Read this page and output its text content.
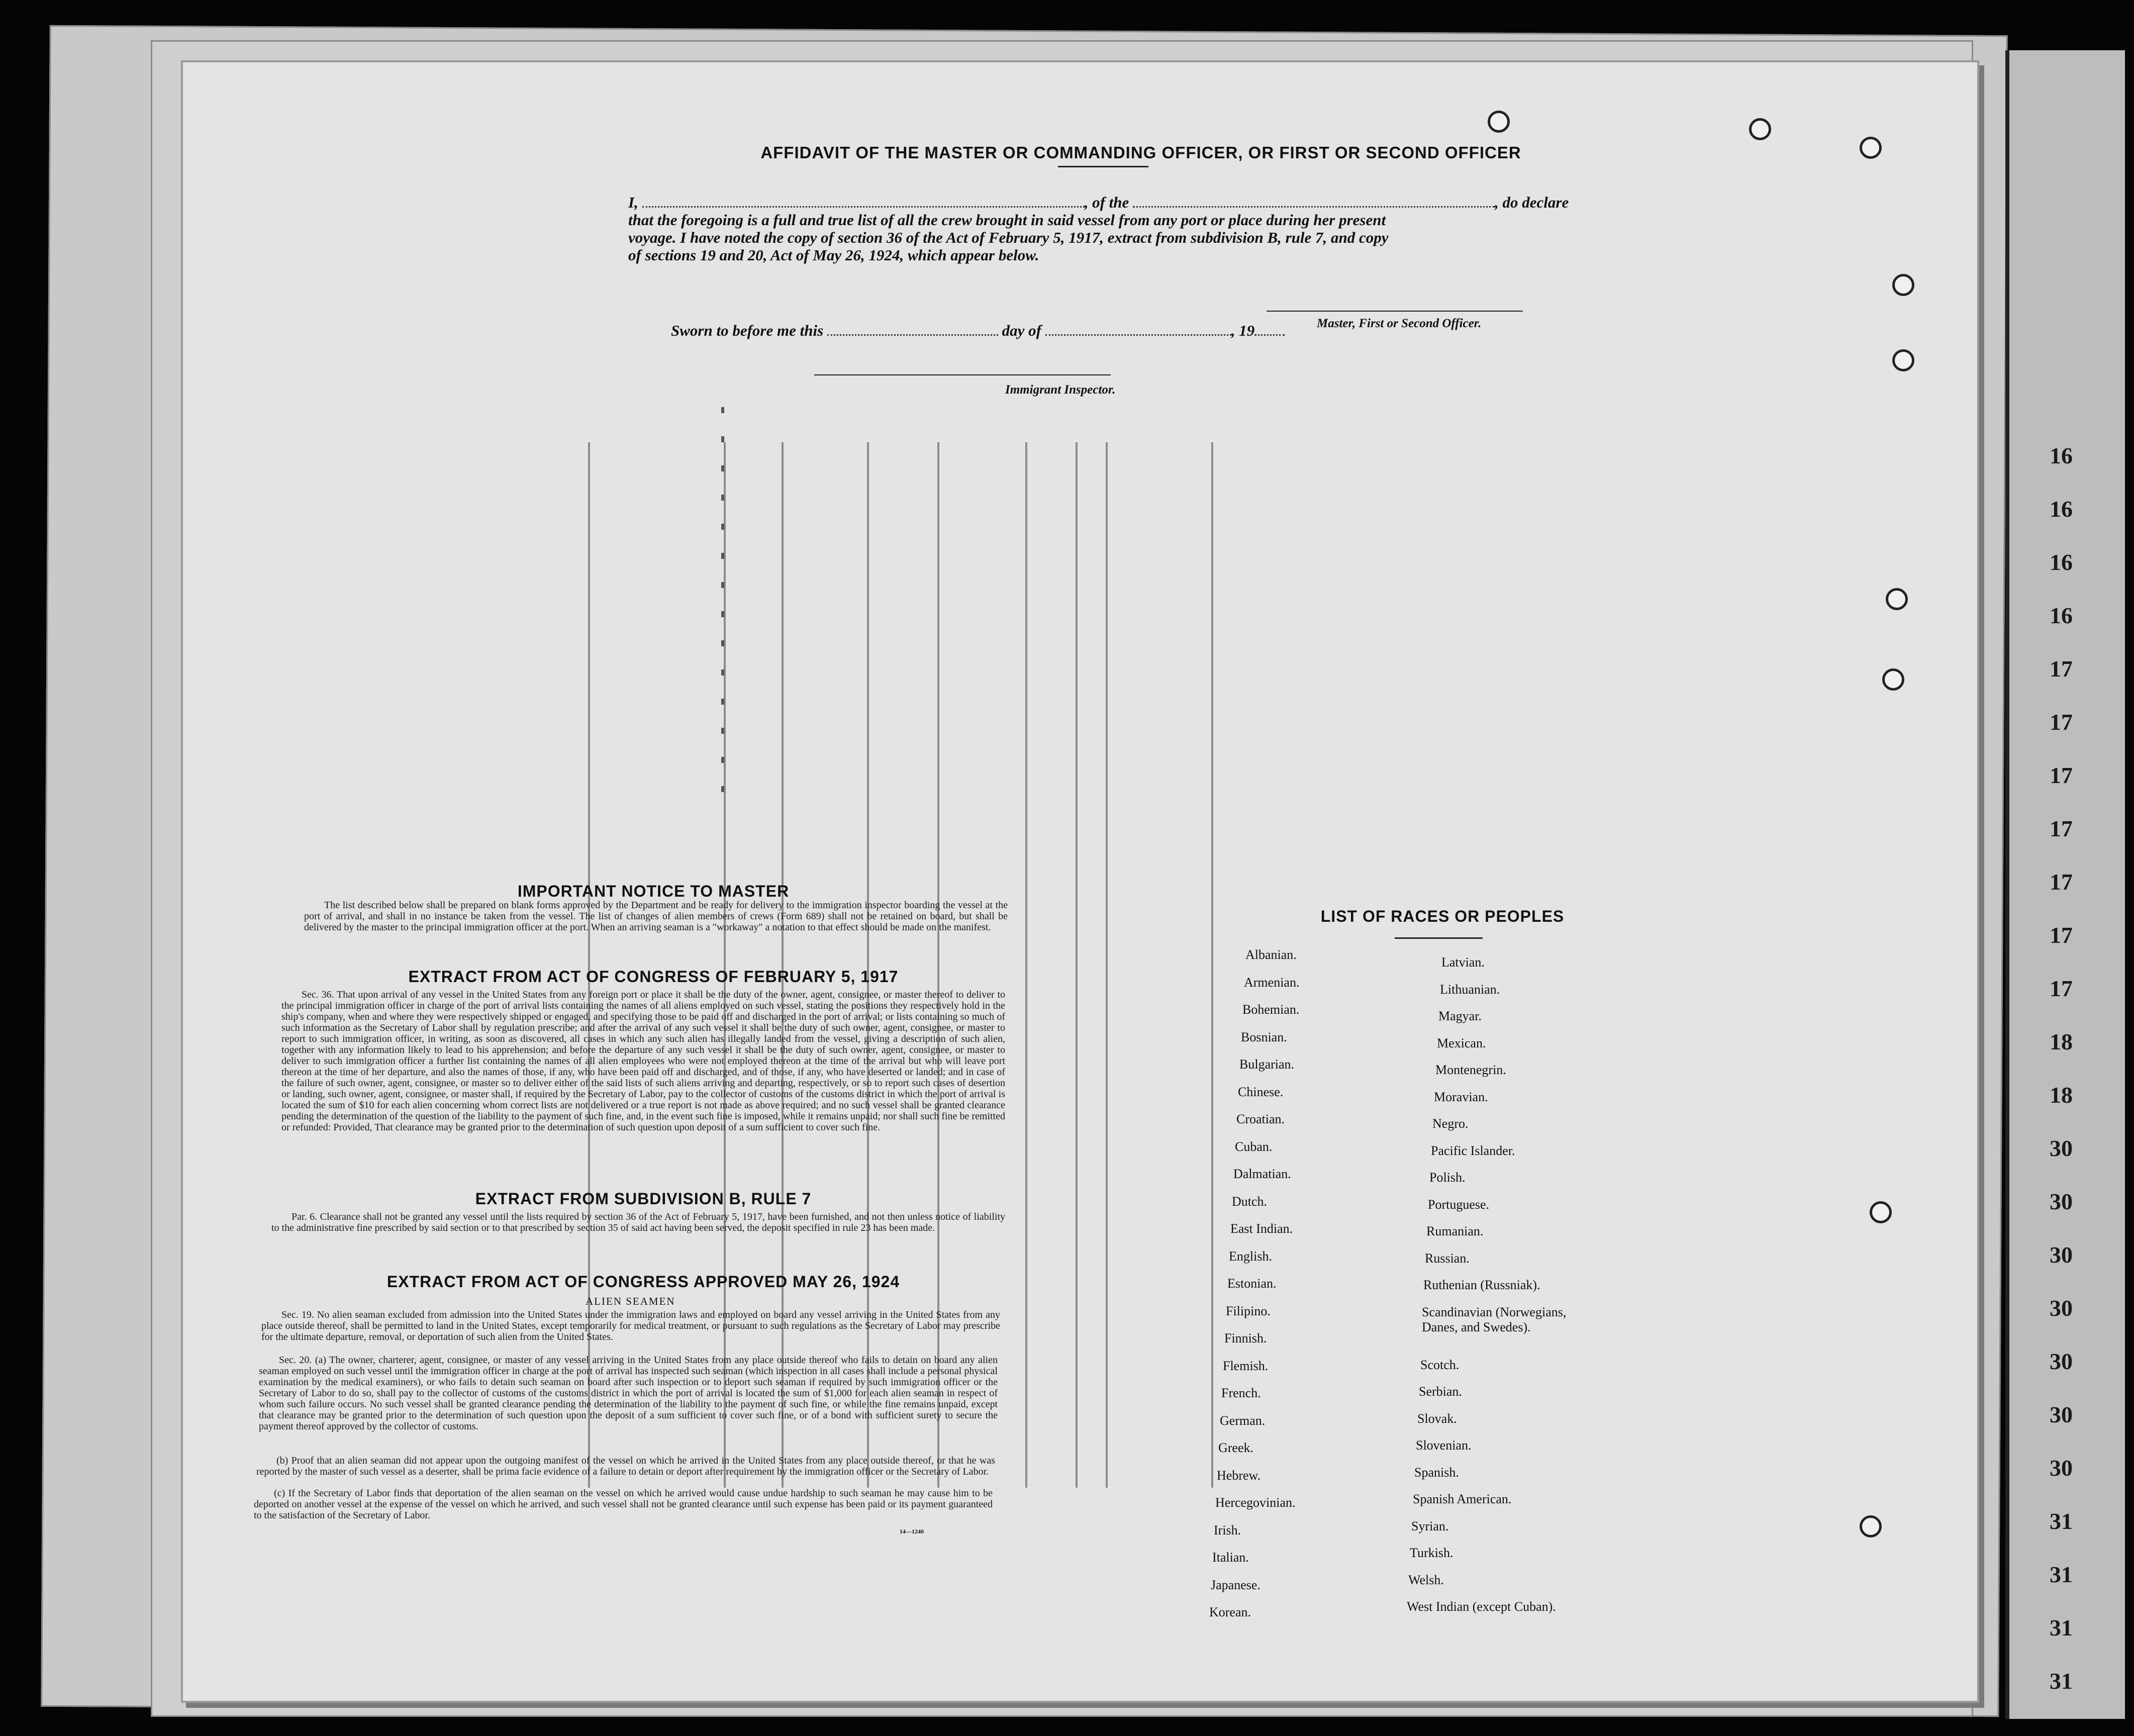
16
16
16
16
17
17
17
17
17
17
17
18
18
30
30
30
30
30
30
30
31
31
31
31

AFFIDAVIT OF THE MASTER OR COMMANDING OFFICER, OR FIRST OR SECOND OFFICER
I,	, of the	, do declare
that the foregoing is a full and true list of all the crew brought in said vessel from any port or place during her present
voyage. I have noted the copy of section 36 of the Act of February 5, 1917, extract from subdivision B, rule 7, and copy
of sections 19 and 20, Act of May 26, 1924, which appear below.
Master, First or Second Officer.
Sworn to before me this	day of	, 19
Immigrant Inspector.
IMPORTANT NOTICE TO MASTER
The list described below shall be prepared on blank forms approved by the Department and be ready for delivery to the immigration inspector boarding the vessel at the port of arrival, and shall in no instance be taken from the vessel. The list of changes of alien members of crews (Form 689) shall not be retained on board, but shall be delivered by the master to the principal immigration officer at the port. When an arriving seaman is a "workaway" a notation to that effect should be made on the manifest.
EXTRACT FROM ACT OF CONGRESS OF FEBRUARY 5, 1917
Sec. 36. That upon arrival of any vessel in the United States from any foreign port or place it shall be the duty of the owner, agent, consignee, or master thereof to deliver to the principal immigration officer in charge of the port of arrival lists containing the names of all aliens employed on such vessel, stating the positions they respectively hold in the ship's company, when and where they were respectively shipped or engaged, and specifying those to be paid off and discharged in the port of arrival; or lists containing so much of such information as the Secretary of Labor shall by regulation prescribe; and after the arrival of any such vessel it shall be the duty of such owner, agent, consignee, or master to report to such immigration officer, in writing, as soon as discovered, all cases in which any such alien has illegally landed from the vessel, giving a description of such alien, together with any information likely to lead to his apprehension; and before the departure of any such vessel it shall be the duty of such owner, agent, consignee, or master to deliver to such immigration officer a further list containing the names of all alien employees who were not employed thereon at the time of the arrival but who will leave port thereon at the time of her departure, and also the names of those, if any, who have been paid off and discharged, and of those, if any, who have deserted or landed; and in case of the failure of such owner, agent, consignee, or master so to deliver either of the said lists of such aliens arriving and departing, respectively, or so to report such cases of desertion or landing, such owner, agent, consignee, or master shall, if required by the Secretary of Labor, pay to the collector of customs of the customs district in which the port of arrival is located the sum of $10 for each alien concerning whom correct lists are not delivered or a true report is not made as above required; and no such vessel shall be granted clearance pending the determination of the question of the liability to the payment of such fine, and, in the event such fine is imposed, while it remains unpaid; nor shall such fine be remitted or refunded: Provided, That clearance may be granted prior to the determination of such question upon deposit of a sum sufficient to cover such fine.
EXTRACT FROM SUBDIVISION B, RULE 7
Par. 6. Clearance shall not be granted any vessel until the lists required by section 36 of the Act of February 5, 1917, have been furnished, and not then unless notice of liability to the administrative fine prescribed by said section or to that prescribed by section 35 of said act having been served, the deposit specified in rule 23 has been made.
EXTRACT FROM ACT OF CONGRESS APPROVED MAY 26, 1924
ALIEN SEAMEN
Sec. 19. No alien seaman excluded from admission into the United States under the immigration laws and employed on board any vessel arriving in the United States from any place outside thereof, shall be permitted to land in the United States, except temporarily for medical treatment, or pursuant to such regulations as the Secretary of Labor may prescribe for the ultimate departure, removal, or deportation of such alien from the United States.
Sec. 20. (a) The owner, charterer, agent, consignee, or master of any vessel arriving in the United States from any place outside thereof who fails to detain on board any alien seaman employed on such vessel until the immigration officer in charge at the port of arrival has inspected such seaman (which inspection in all cases shall include a personal physical examination by the medical examiners), or who fails to detain such seaman on board after such inspection or to deport such seaman if required by such immigration officer or the Secretary of Labor to do so, shall pay to the collector of customs of the customs district in which the port of arrival is located the sum of $1,000 for each alien seaman in respect of whom such failure occurs. No such vessel shall be granted clearance pending the determination of the liability to the payment of such fine, or while the fine remains unpaid, except that clearance may be granted prior to the determination of such question upon the deposit of a sum sufficient to cover such fine, or of a bond with sufficient surety to secure the payment thereof approved by the collector of customs.
(b) Proof that an alien seaman did not appear upon the outgoing manifest of the vessel on which he arrived in the United States from any place outside thereof, or that he was reported by the master of such vessel as a deserter, shall be prima facie evidence of a failure to detain or deport after requirement by the immigration officer or the Secretary of Labor.
(c) If the Secretary of Labor finds that deportation of the alien seaman on the vessel on which he arrived would cause undue hardship to such seaman he may cause him to be deported on another vessel at the expense of the vessel on which he arrived, and such vessel shall not be granted clearance until such expense has been paid or its payment guaranteed to the satisfaction of the Secretary of Labor.
14—1240
LIST OF RACES OR PEOPLES
Albanian.
Armenian.
Bohemian.
Bosnian.
Bulgarian.
Chinese.
Croatian.
Cuban.
Dalmatian.
Dutch.
East Indian.
English.
Estonian.
Filipino.
Finnish.
Flemish.
French.
German.
Greek.
Hebrew.
Hercegovinian.
Irish.
Italian.
Japanese.
Korean.
Latvian.
Lithuanian.
Magyar.
Mexican.
Montenegrin.
Moravian.
Negro.
Pacific Islander.
Polish.
Portuguese.
Rumanian.
Russian.
Ruthenian (Russniak).
Scandinavian (Norwegians, Danes, and Swedes).
Scotch.
Serbian.
Slovak.
Slovenian.
Spanish.
Spanish American.
Syrian.
Turkish.
Welsh.
West Indian (except Cuban).
